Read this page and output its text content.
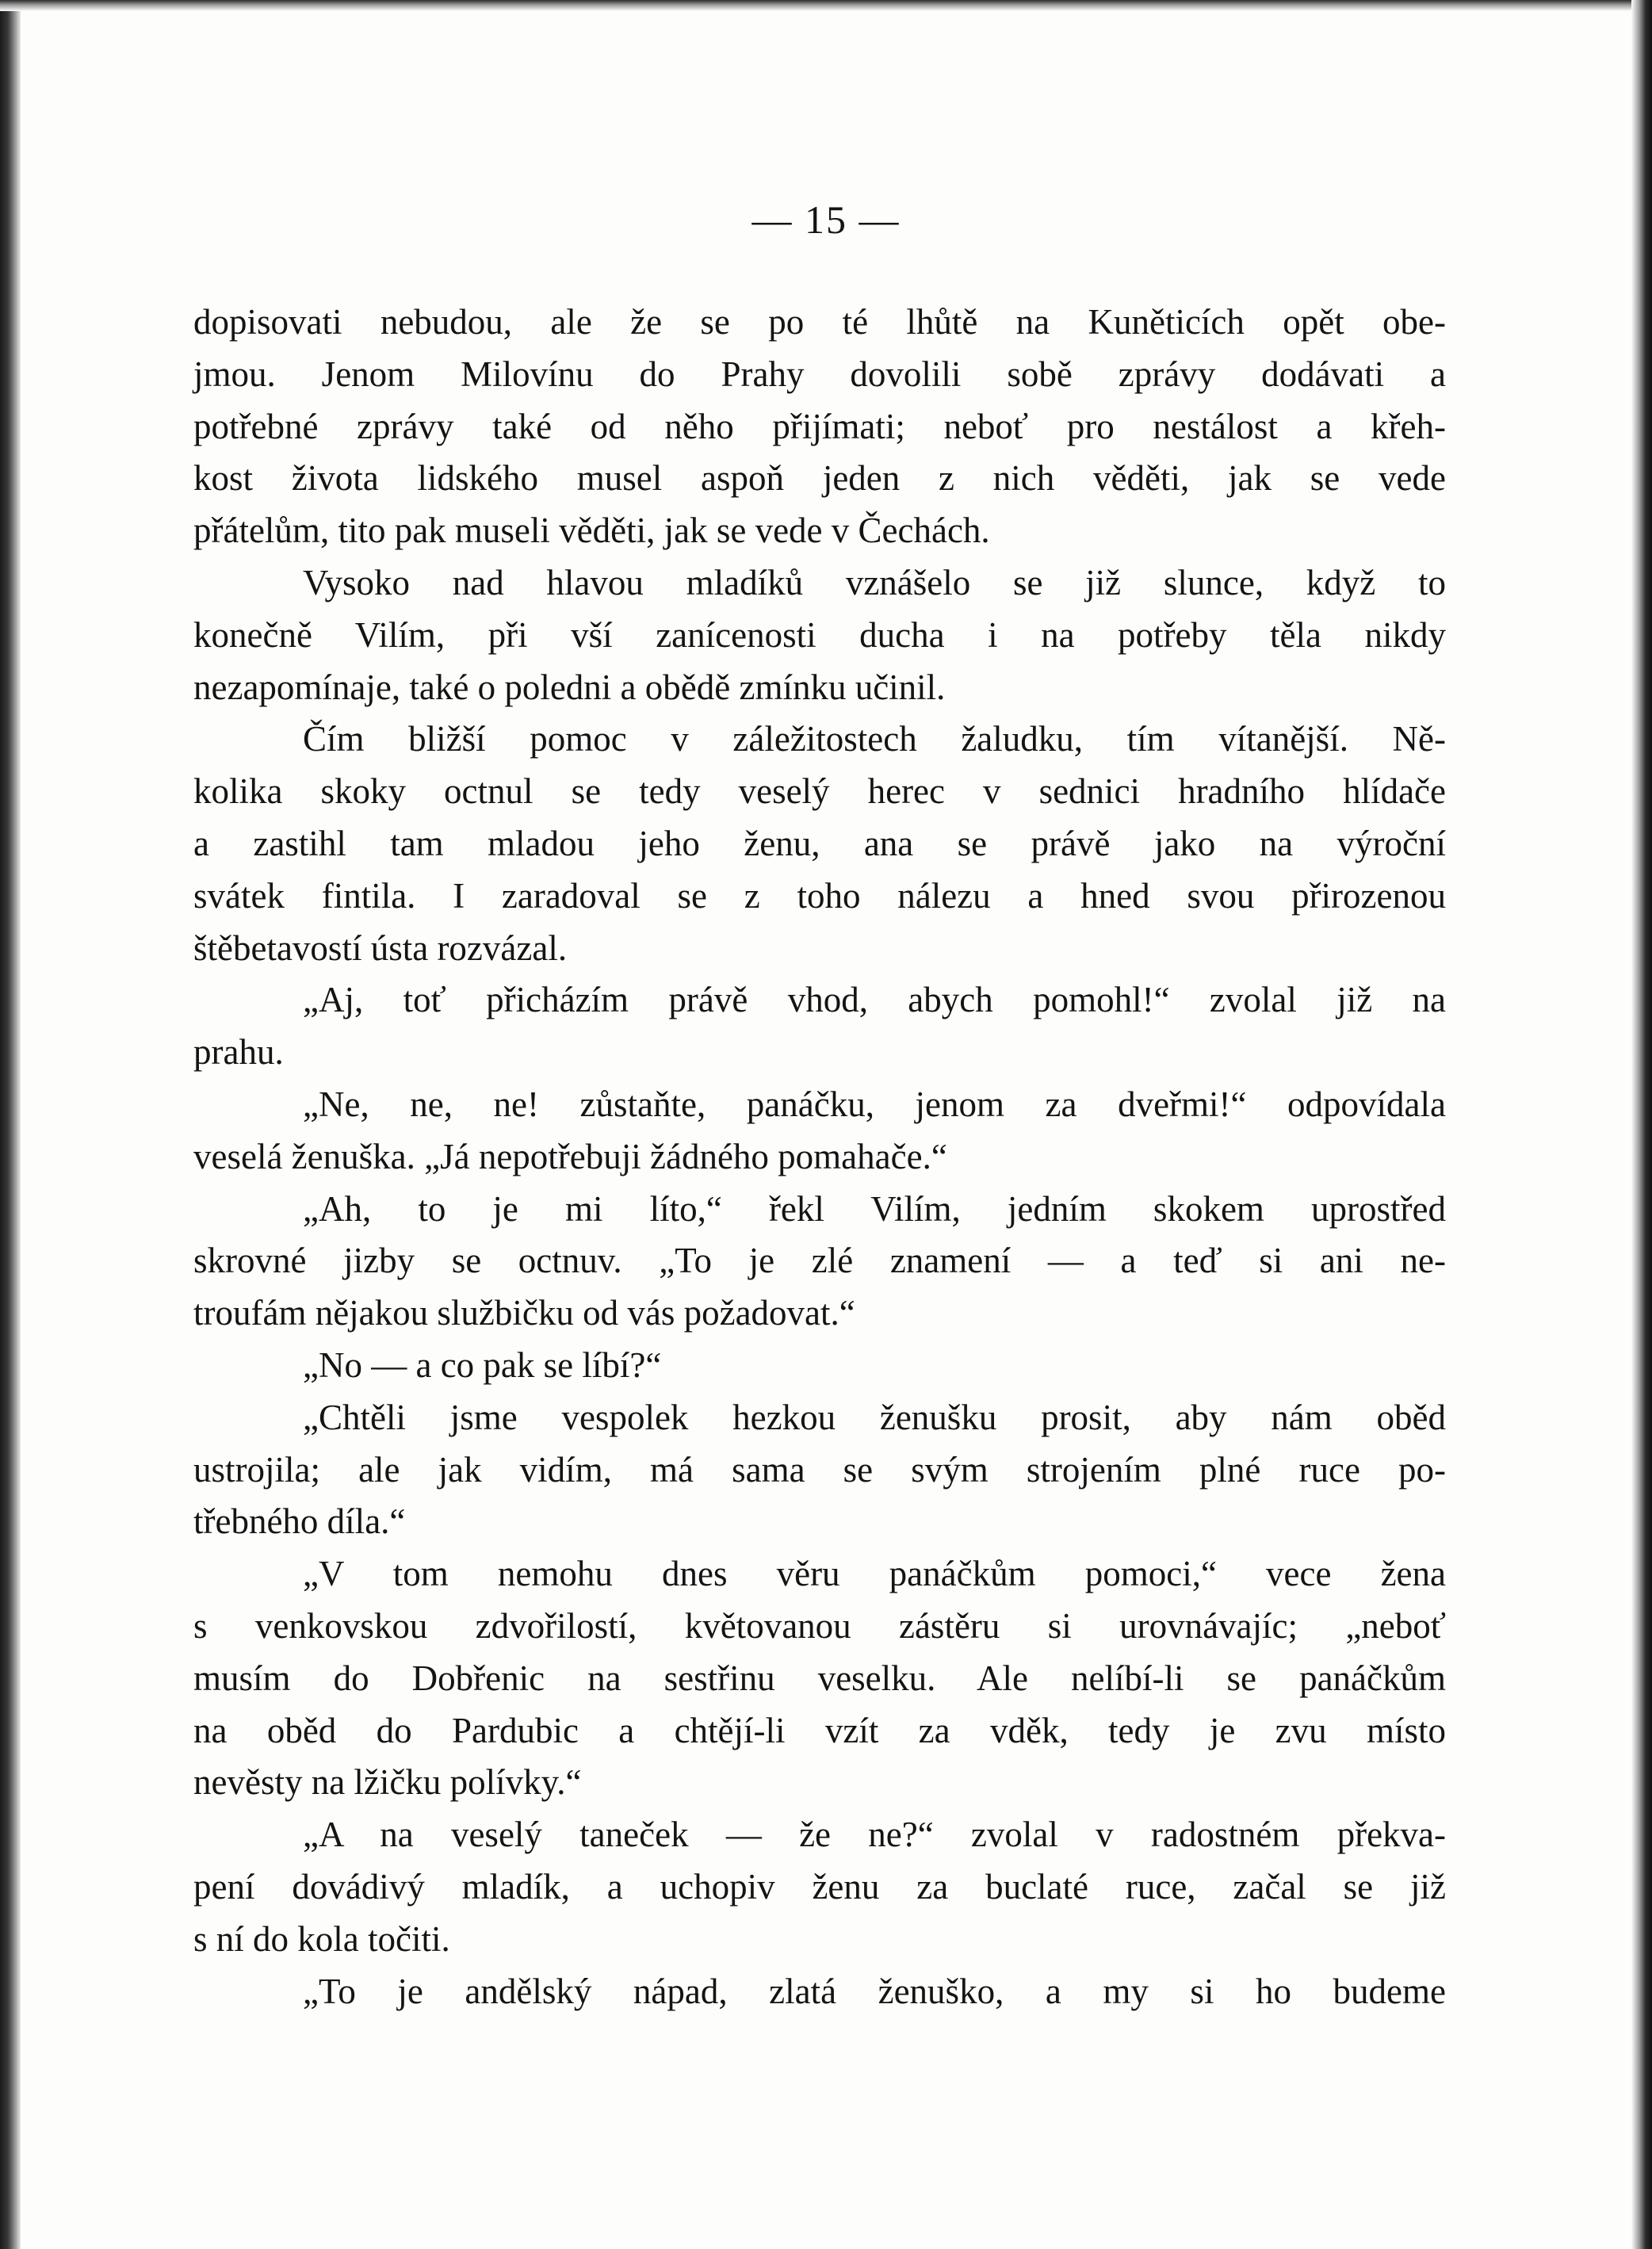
— 15 —
dopisovati nebudou, ale že se po té lhůtě na Kuněticích opět obe-
jmou. Jenom Milovínu do Prahy dovolili sobě zprávy dodávati a
potřebné zprávy také od něho přijímati; neboť pro nestálost a křeh-
kost života lidského musel aspoň jeden z nich věděti, jak se vede
přátelům, tito pak museli věděti, jak se vede v Čechách.
Vysoko nad hlavou mladíků vznášelo se již slunce, když to
konečně Vilím, při vší zanícenosti ducha i na potřeby těla nikdy
nezapomínaje, také o poledni a obědě zmínku učinil.
Čím bližší pomoc v záležitostech žaludku, tím vítanější. Ně-
kolika skoky octnul se tedy veselý herec v sednici hradního hlídače
a zastihl tam mladou jeho ženu, ana se právě jako na výroční
svátek fintila. I zaradoval se z toho nálezu a hned svou přirozenou
štěbetavostí ústa rozvázal.
„Aj, toť přicházím právě vhod, abych pomohl!“ zvolal již na
prahu.
„Ne, ne, ne! zůstaňte, panáčku, jenom za dveřmi!“ odpovídala
veselá ženuška. „Já nepotřebuji žádného pomahače.“
„Ah, to je mi líto,“ řekl Vilím, jedním skokem uprostřed
skrovné jizby se octnuv. „To je zlé znamení — a teď si ani ne-
troufám nějakou službičku od vás požadovat.“
„No — a co pak se líbí?“
„Chtěli jsme vespolek hezkou ženušku prosit, aby nám oběd
ustrojila; ale jak vidím, má sama se svým strojením plné ruce po-
třebného díla.“
„V tom nemohu dnes věru panáčkům pomoci,“ vece žena
s venkovskou zdvořilostí, květovanou zástěru si urovnávajíc; „neboť
musím do Dobřenic na sestřinu veselku. Ale nelíbí-li se panáčkům
na oběd do Pardubic a chtějí-li vzít za vděk, tedy je zvu místo
nevěsty na lžičku polívky.“
„A na veselý taneček — že ne?“ zvolal v radostném překva-
pení dovádivý mladík, a uchopiv ženu za buclaté ruce, začal se již
s ní do kola točiti.
„To je andělský nápad, zlatá ženuško, a my si ho budeme
